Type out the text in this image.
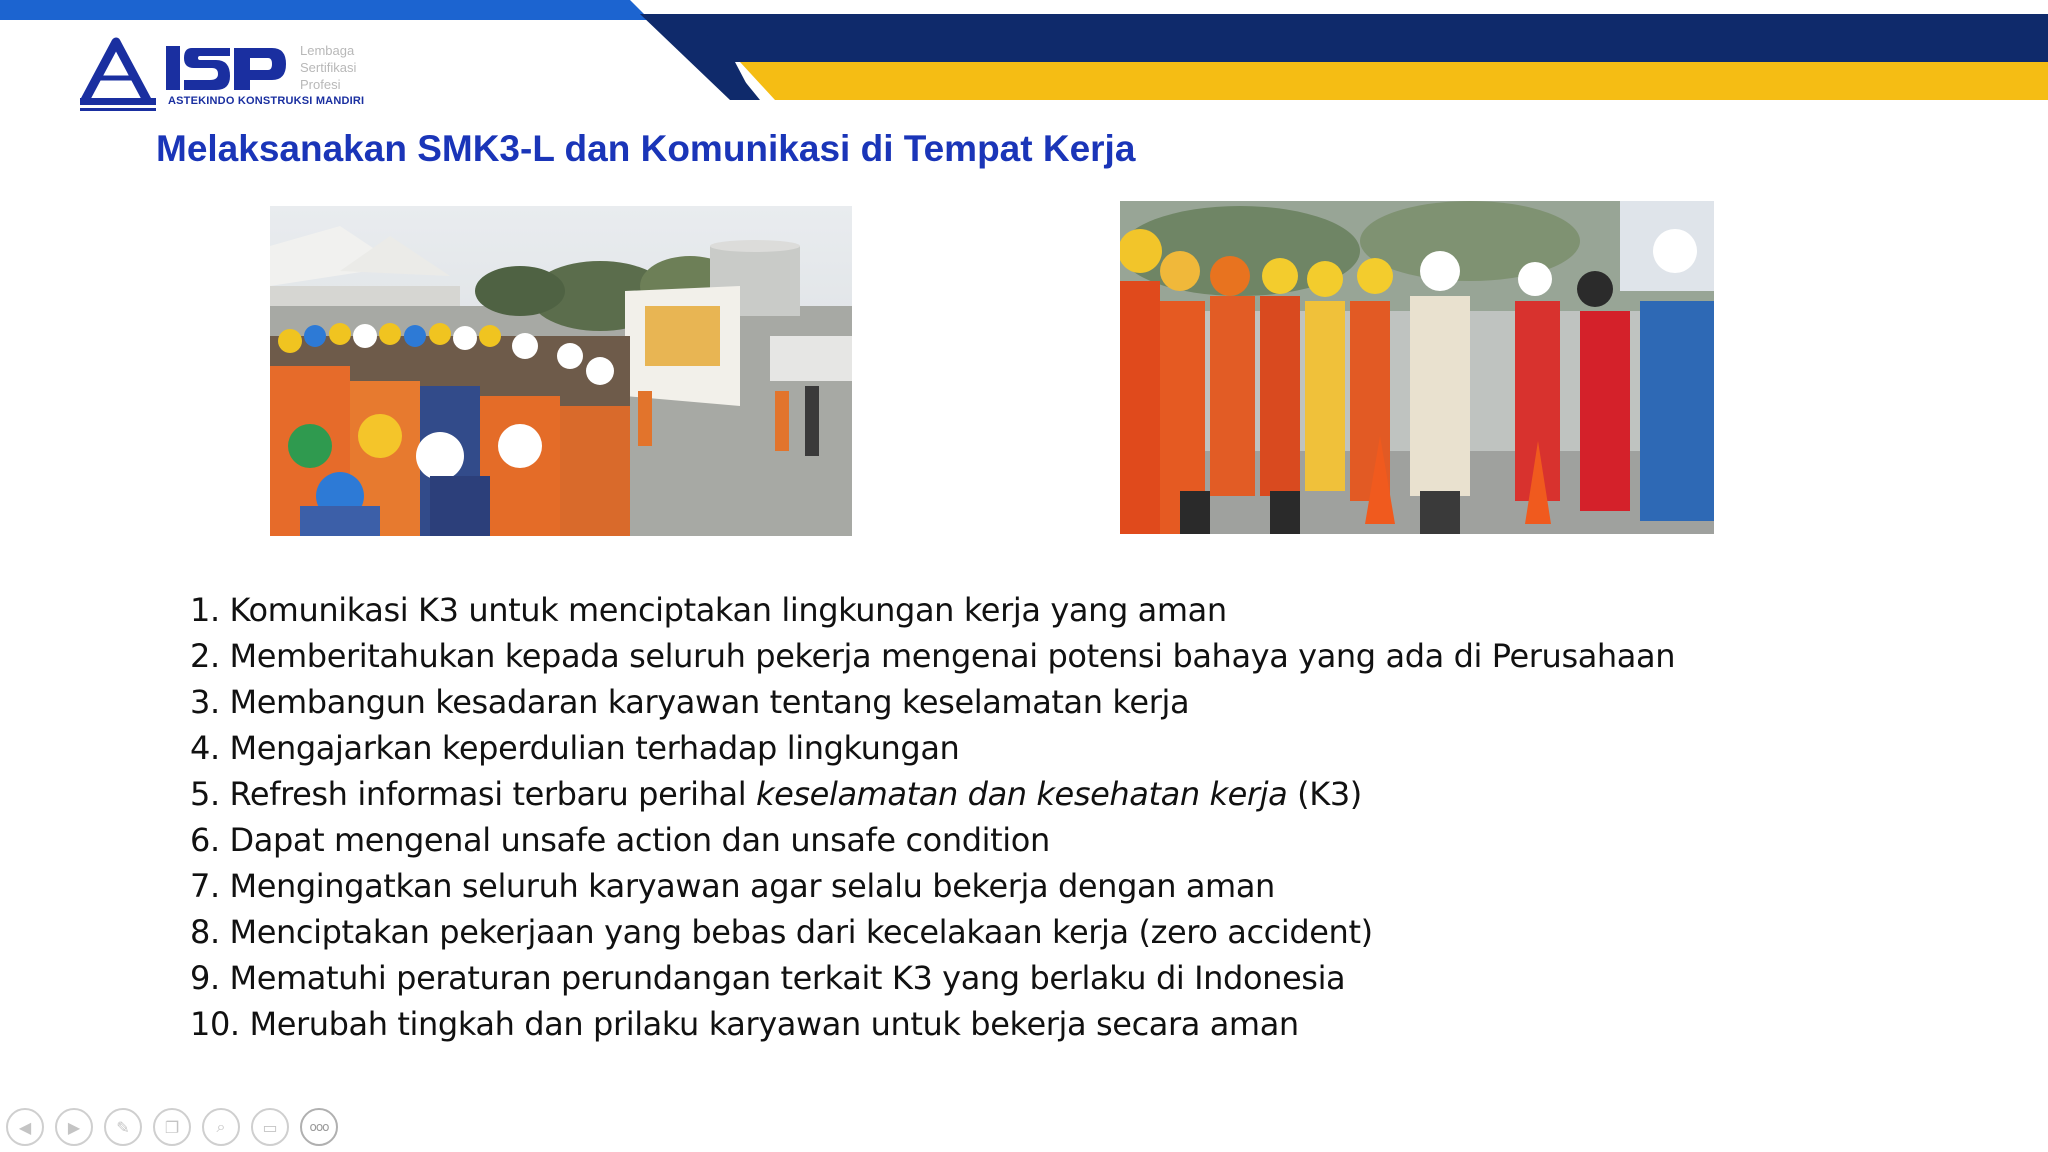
ASTEKINDO KONSTRUKSI MANDIRI
Lembaga
Sertifikasi
Profesi
Melaksanakan SMK3-L dan Komunikasi di Tempat Kerja
1. Komunikasi K3 untuk menciptakan lingkungan kerja yang aman
2. Memberitahukan kepada seluruh pekerja mengenai potensi bahaya yang ada di Perusahaan
3. Membangun kesadaran karyawan tentang keselamatan kerja
4. Mengajarkan keperdulian terhadap lingkungan
5. Refresh informasi terbaru perihal keselamatan dan kesehatan kerja (K3)
6. Dapat mengenal unsafe action dan unsafe condition
7. Mengingatkan seluruh karyawan agar selalu bekerja dengan aman
8. Menciptakan pekerjaan yang bebas dari kecelakaan kerja (zero accident)
9. Mematuhi peraturan perundangan terkait K3 yang berlaku di Indonesia
10. Merubah tingkah dan prilaku karyawan untuk bekerja secara aman
◀	▶	✎	❐	⌕	▭	ooo
